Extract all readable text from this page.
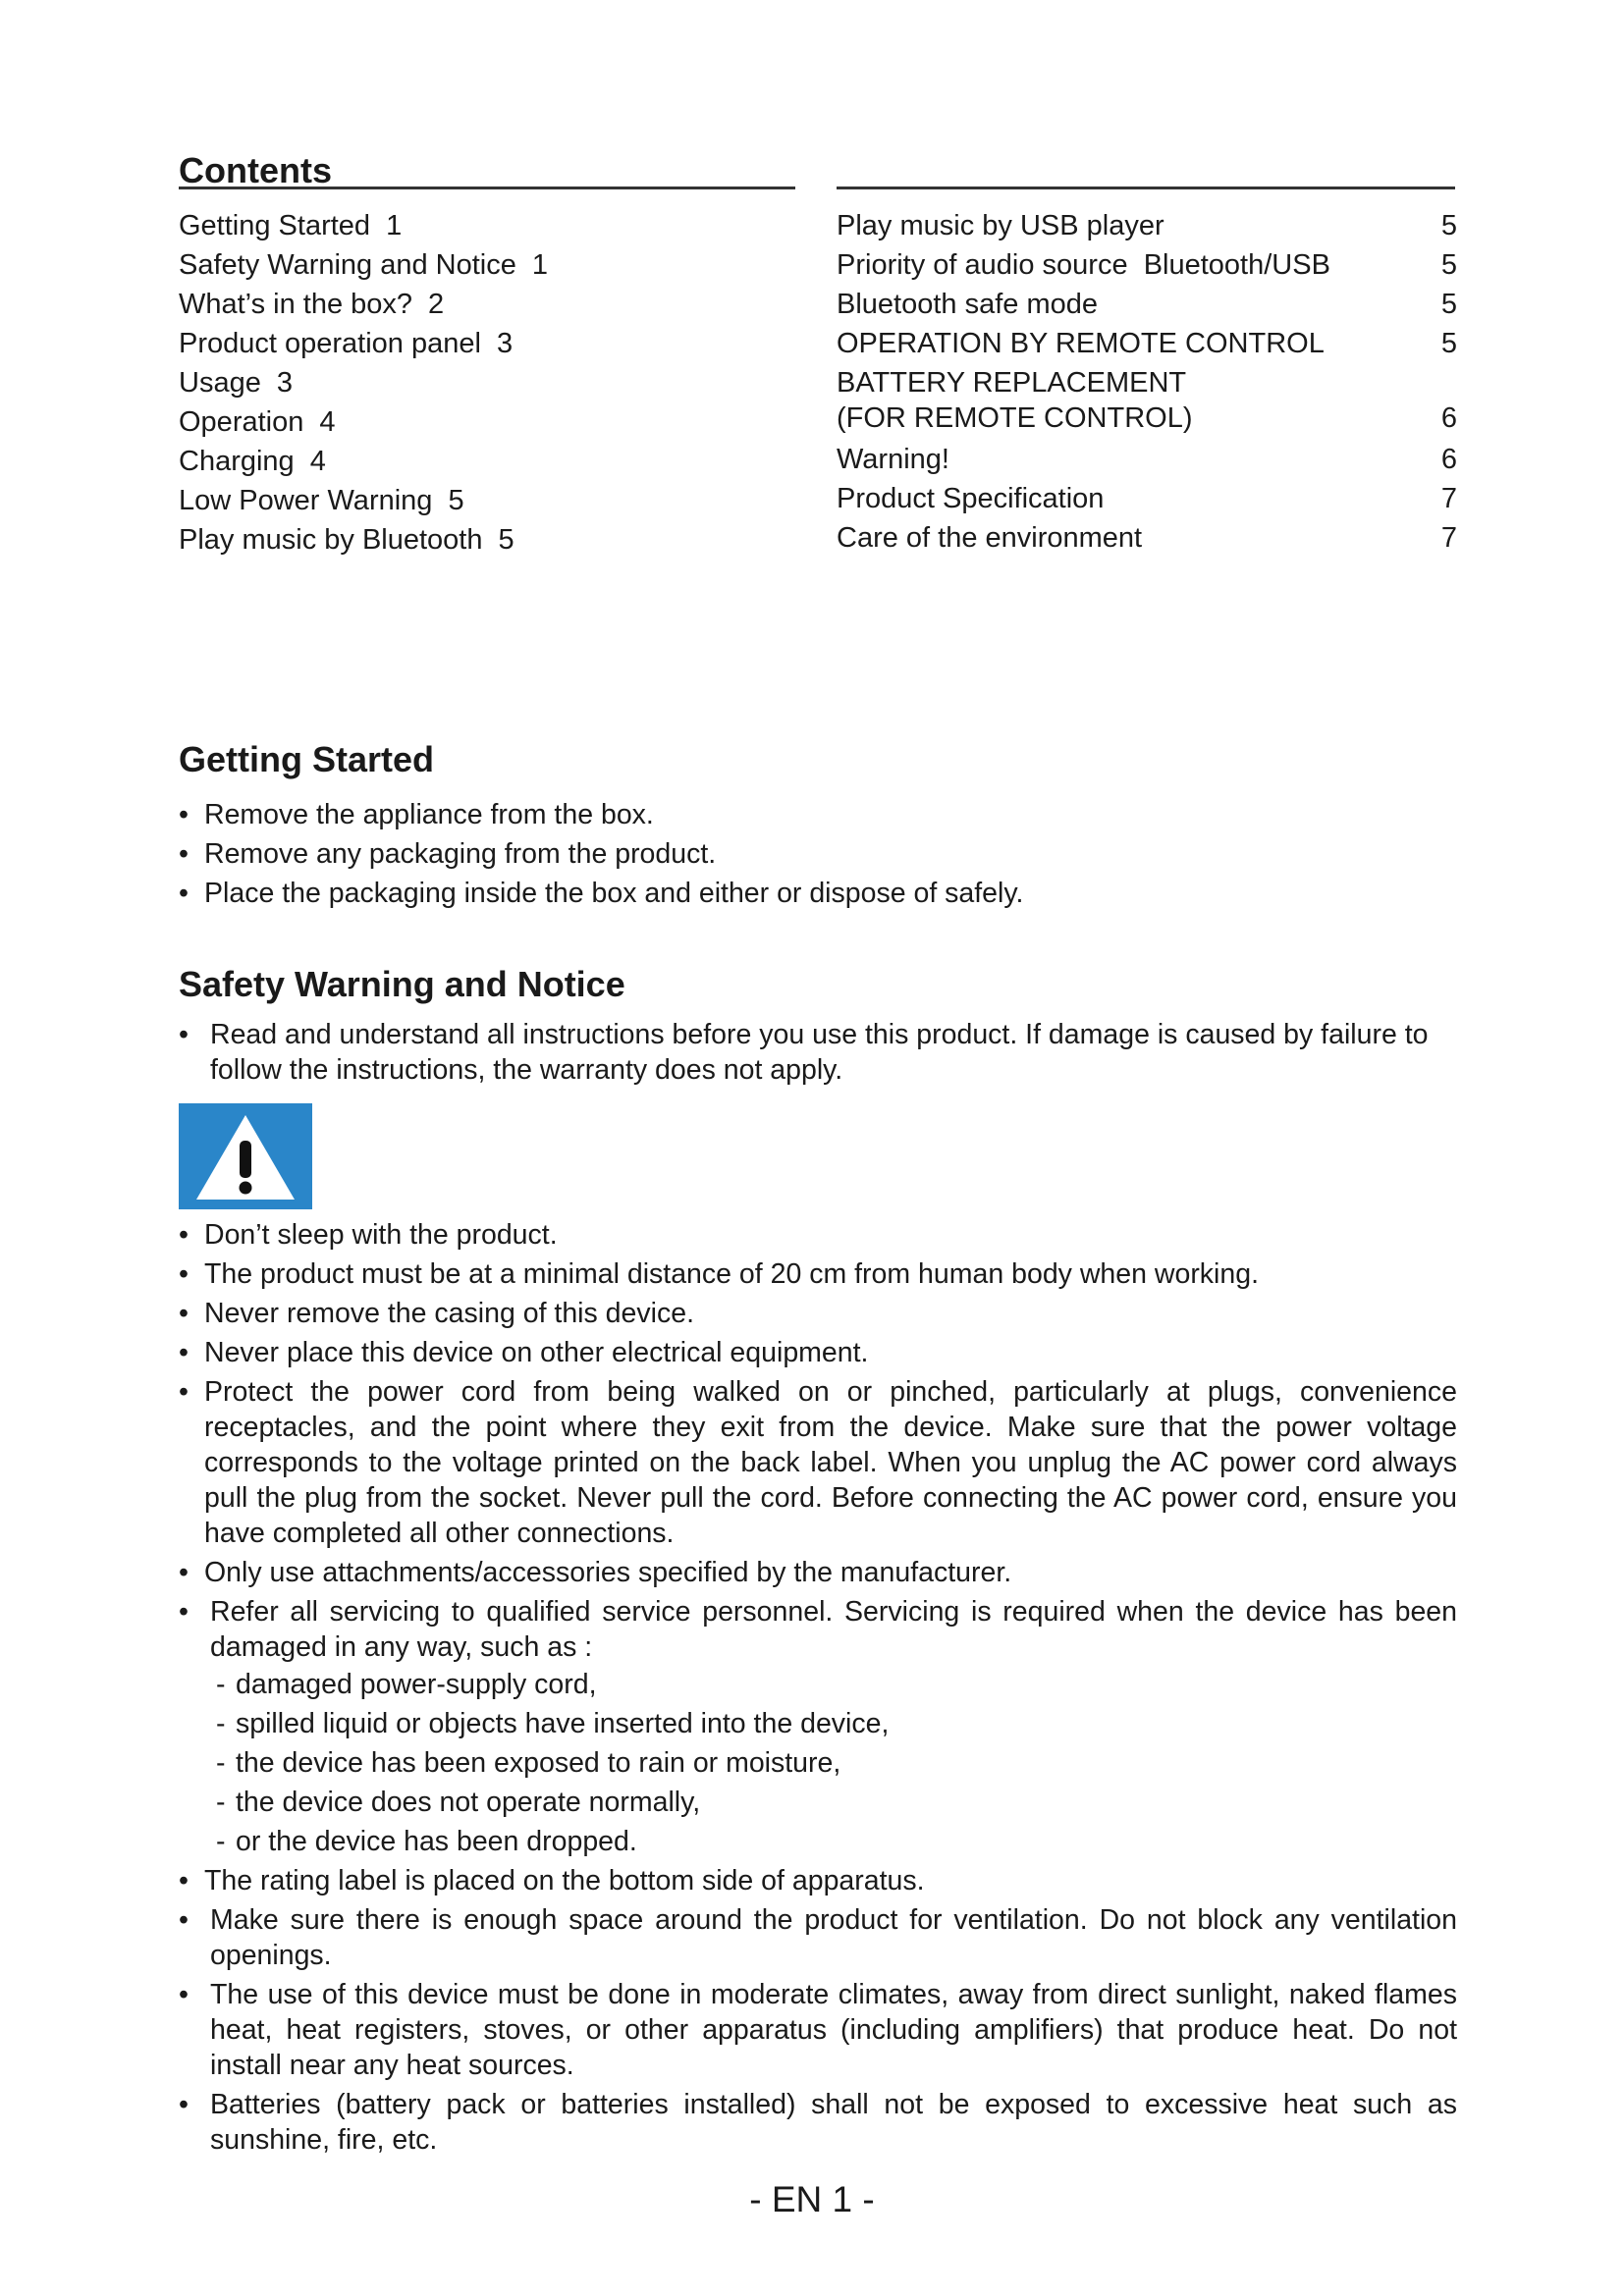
Contents
Getting Started 1
Safety Warning and Notice 1
What’s in the box? 2
Product operation panel 3
Usage 3
Operation 4
Charging 4
Low Power Warning 5
Play music by Bluetooth 5
Play music by USB player	5
Priority of audio source  Bluetooth/USB	5
Bluetooth safe mode	5
OPERATION BY REMOTE CONTROL	5
BATTERY REPLACEMENT
(FOR REMOTE CONTROL)	6
Warning!	6
Product Specification	7
Care of the environment	7
Getting Started
• Remove the appliance from the box.
• Remove any packaging from the product.
• Place the packaging inside the box and either or dispose of safely.
Safety Warning and Notice
• Read and understand all instructions before you use this product. If damage is caused by failure to follow the instructions, the warranty does not apply.
• Don’t sleep with the product.
• The product must be at a minimal distance of 20 cm from human body when working.
• Never remove the casing of this device.
• Never place this device on other electrical equipment.
• Protect the power cord from being walked on or pinched, particularly at plugs, convenience receptacles, and the point where they exit from the device. Make sure that the power voltage corresponds to the voltage printed on the back label. When you unplug the AC power cord always pull the plug from the socket. Never pull the cord. Before connecting the AC power cord, ensure you have completed all other connections.
• Only use attachments/accessories specified by the manufacturer.
• Refer all servicing to qualified service personnel. Servicing is required when the device has been damaged in any way, such as :
- damaged power-supply cord,
- spilled liquid or objects have inserted into the device,
- the device has been exposed to rain or moisture,
- the device does not operate normally,
- or the device has been dropped.
• The rating label is placed on the bottom side of apparatus.
• Make sure there is enough space around the product for ventilation. Do not block any ventilation openings.
• The use of this device must be done in moderate climates, away from direct sunlight, naked flames heat, heat registers, stoves, or other apparatus (including amplifiers) that produce heat. Do not install near any heat sources.
• Batteries (battery pack or batteries installed) shall not be exposed to excessive heat such as sunshine, fire, etc.
- EN 1 -
